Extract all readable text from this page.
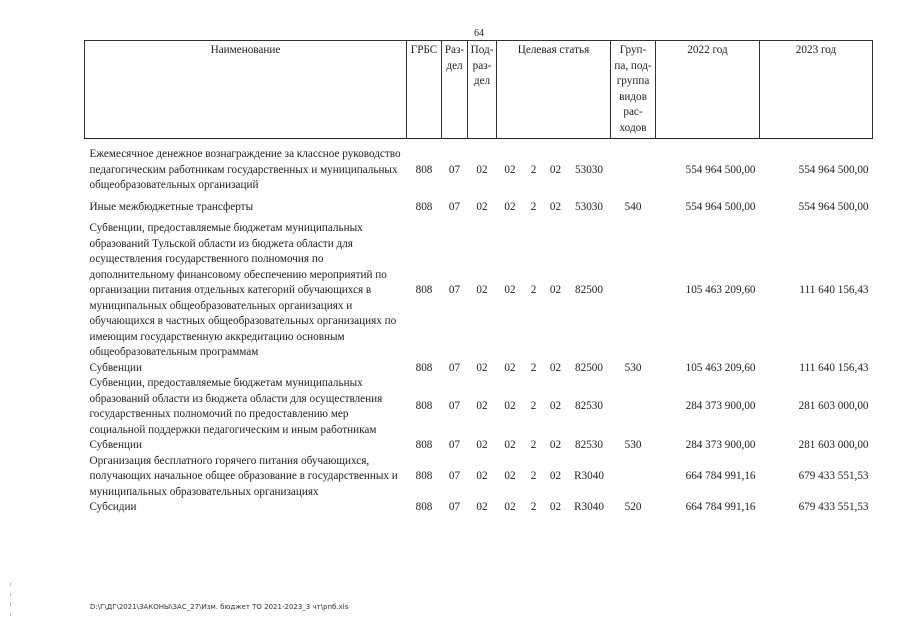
64
Наименование	ГРБС	Раз-дел	Под-раз-дел	Целевая статья				Груп-па, под-группа видов рас-ходов	2022 год	2023 год

Ежемесячное денежное вознаграждение за классное руководство педагогическим работникам государственных и муниципальных общеобразовательных организаций	808	07	02	02	2	02	53030		554 964 500,00	554 964 500,00
Иные межбюджетные трансферты	808	07	02	02	2	02	53030	540	554 964 500,00	554 964 500,00
Субвенции, предоставляемые бюджетам муниципальных образований Тульской области из бюджета области для осуществления государственного полномочия по дополнительному финансовому обеспечению мероприятий по организации питания отдельных категорий обучающихся в муниципальных общеобразовательных организациях и обучающихся в частных общеобразовательных организациях по имеющим государственную аккредитацию основным общеобразовательным программам	808	07	02	02	2	02	82500		105 463 209,60	111 640 156,43
Субвенции	808	07	02	02	2	02	82500	530	105 463 209,60	111 640 156,43
Субвенции, предоставляемые бюджетам муниципальных образований области из бюджета области для осуществления государственных полномочий по предоставлению мер социальной поддержки педагогическим и иным работникам	808	07	02	02	2	02	82530		284 373 900,00	281 603 000,00
Субвенции	808	07	02	02	2	02	82530	530	284 373 900,00	281 603 000,00
Организация бесплатного горячего питания обучающихся, получающих начальное общее образование в государственных и муниципальных образовательных организациях	808	07	02	02	2	02	R3040		664 784 991,16	679 433 551,53
Субсидии	808	07	02	02	2	02	R3040	520	664 784 991,16	679 433 551,53
D:\Г\ДГ\2021\ЗАКОНЫ\ЗАС_27\Изм. бюджет ТО 2021-2023_3 чт\рпб.xls
